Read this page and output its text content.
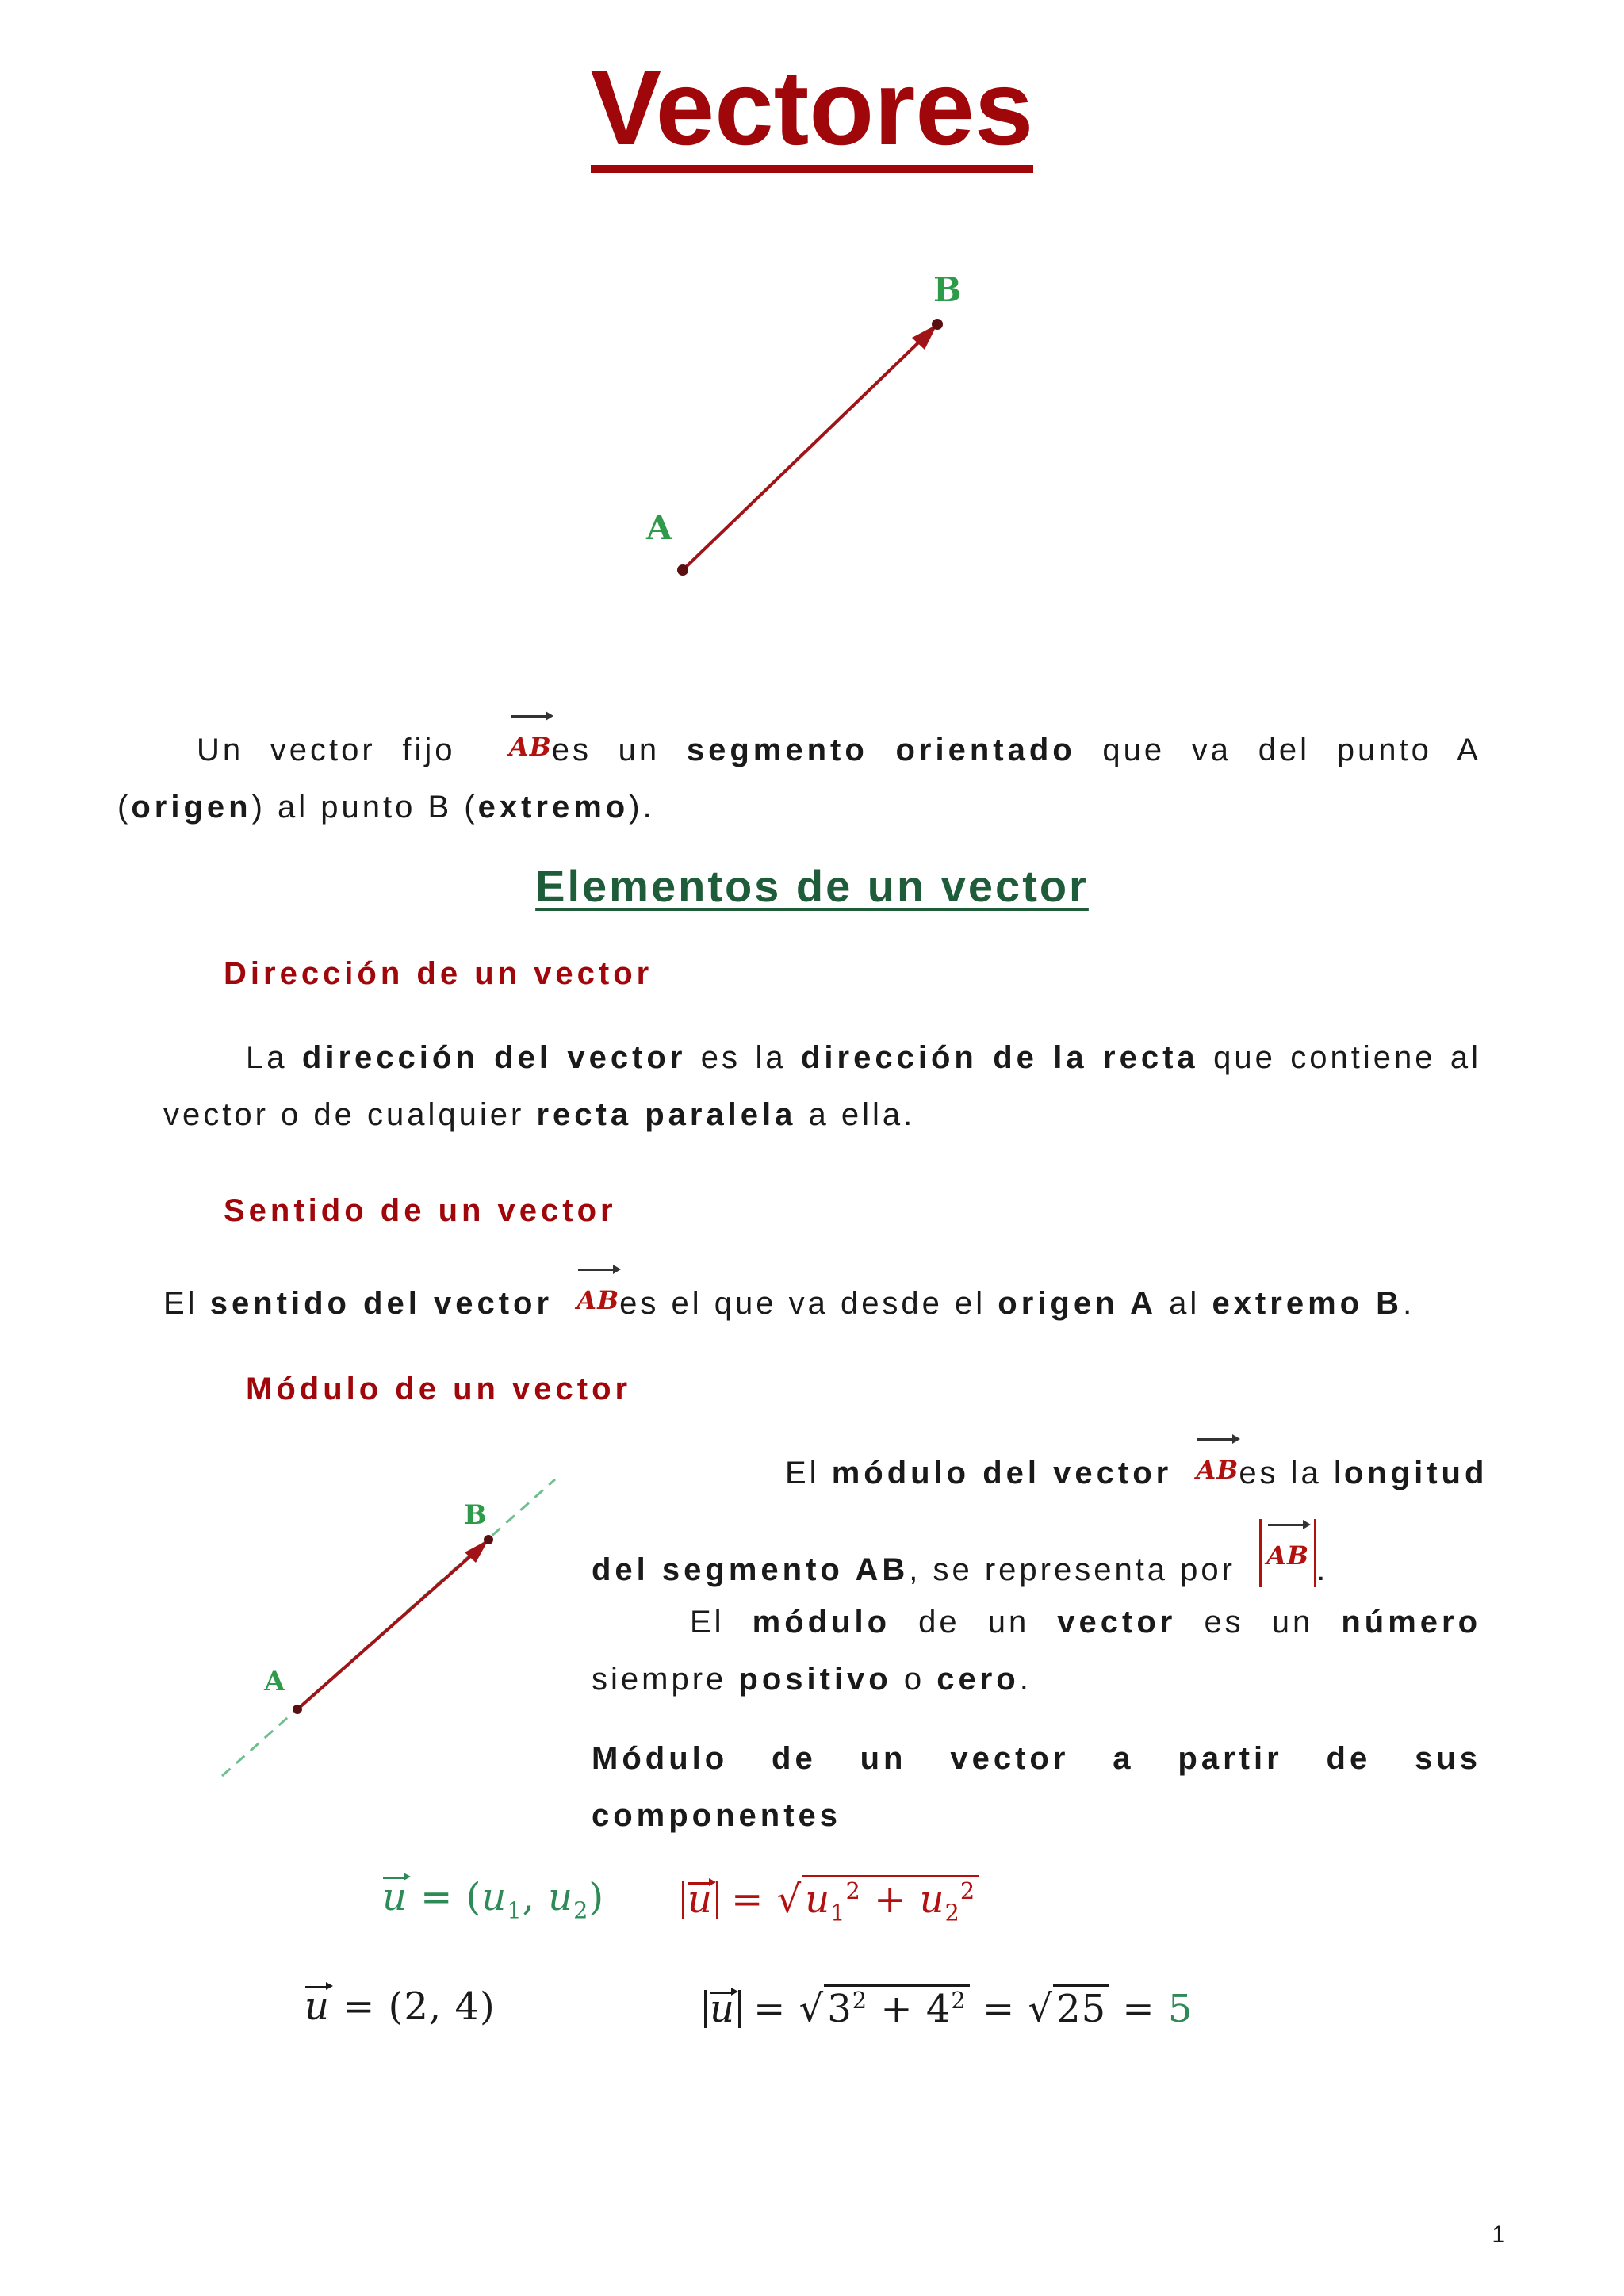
Vectores
A
B
Un vector fijo ABes un segmento orientado que va del punto A
(origen) al punto B (extremo).
Elementos de un vector
Dirección de un vector
La dirección del vector es la dirección de la recta que contiene al
vector o de cualquier recta paralela a ella.
Sentido de un vector
El sentido del vector ABes el que va desde el origen A al extremo B.
Módulo de un vector
A
B
El módulo del vector ABes la longitud
del segmento AB, se representa por AB .
El módulo de un vector es un número
siempre positivo o cero.
Módulo de un vector a partir de sus
componentes
$u = (u_1$, $u_2$) $u = √u_1^2 + u_2^2$
u = (2, 4)	$u = √3^2 + 4^2 = √25 = 5$
1
